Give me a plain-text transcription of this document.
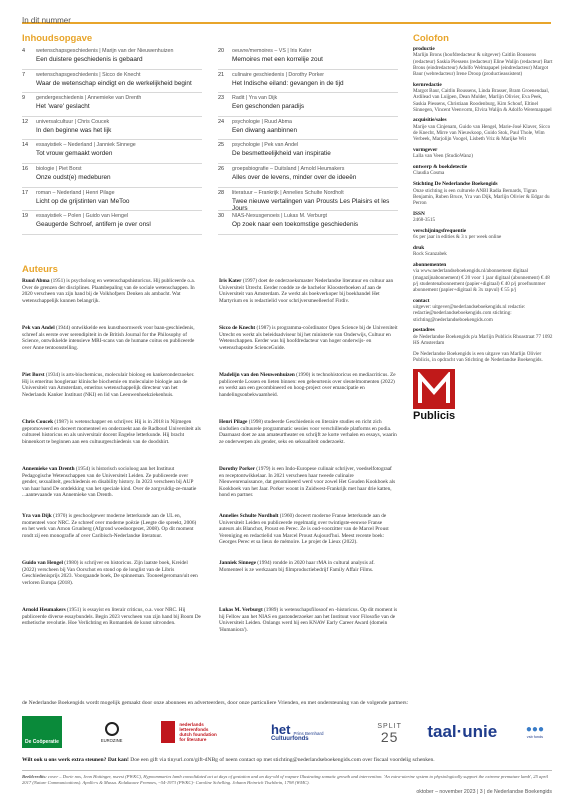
In dit nummer
Inhoudsopgave	Colofon
4 wetenschapsgeschiedenis | Marijn van der Nieuwenhuizen
Een duistere geschiedenis is gebaard
7 wetenschapsgeschiedenis | Sicco de Knecht
Waar de wetenschap eindigt en de werkelijkheid begint
9 gendergeschiedenis | Annemieke van Drenth
Het 'ware' geslacht
12 universalcultuur | Chris Coucek
In den beginne was het lijk
14 essayistiek – Nederland | Janniek Sinnege
Tot vrouw gemaakt worden
16 biologie | Piet Borst
Onze oudst(e) medeburen
17 roman – Nederland | Henri Pilage
Licht op de grijstinten van MeToo
19 essayistiek – Polen | Guido van Hengel
Geaugerde Schroef, antifem je over onsl
20 oeuvre/memoires – VS | Iris Kater
Memoires met een korrelije zout
21 culinaire geschiedenis | Dorothy Porker
Het Indische eiland: gevangen in de tijd
23 Radit | Yra van Dijk
Een geschonden paradijs
24 psychologie | Ruud Abma
Een diwang aanbinnen
25 psychologie | Pek van Andel
De besmetteelijkheid van inspiratie
26 groepsbiografie – Duitsland | Arnold Heumakers
Alles over de levens, minder over de ideeën
28 literatuur – Frankrijk | Annelies Schulte Nordholt
Twee nieuwe vertalingen van Prousts Les Plaisirs et les Jours
30 NIAS-Nexusgenoeis | Lukas M. Verburgt
Op zoek naar een toekomstige geschiedenis
Auteurs
Ruud Abma (1951) is psycholoog en wetenschapshistoricus. Hij publiceerde o.a. Over de grenzen der disciplines. Plaatsbepaling van de sociale wetenschappen. In 2020 verscheen van zijn hand bij de Volkhofpers Denken als ambacht. Wat wetenschappelijk kunnen belangrijk.
Pek van Andel (1944) ontwikkelde een kunsthoornwerk voor baan-geschiedenis, schreef als eerste over serendipiteit in de British Journal for the Philosophy of Science, ontwikkelde intensieve MRI-scans van de humane coitus en publiceerde over Anne tentoonstelling.
Piet Borst (1934) is arts-biochemicus, moleculair bioloog en kankeronderzoeker. Hij is emeritus hoogleraar klinische biochemie en moleculaire biologie aan de Universiteit van Amsterdam, emeritus wetenschappelijk directeur van het Nederlands Kanker Instituut (NKI) en lid van Leeuwenhoekziekenhuis.
Chris Coucek (1987) is wetenschapper en schrijver. Hij is in 2018 in Nijmegen gepromoveerd en doceert momenteel en onderzoekt aan de Radboud Universiteit als cultureel historicus en als universitair docent Engelse letterkunde. Hij bracht binnenkort te beginnen aan een cultuurgeschiedenis van de doodshirt.
Annemieke van Drenth (1954) is historisch socioloog aan het Instituut Pedagogische Wetenschappen van de Universiteit Leiden. Ze publiceerde over gender, sexualiteit, geschiedenis en disability history. In 2023 verscheen bij AUP van haar hand De ontdekking van het speciale kind. Over de zorgvuldig-ze-maatie ...aantevaande van Annemieke van Drenth.
Yra van Dijk (1970) is geschoolgewer moderne letterkunde aan de UL en, momenteel voor NRC. Ze schreef over moderne poëzie (Leegte die spreekt, 2006) en het werk van Arnon Grunberg (Afgrond woedoorgezet, 2008). Op dit moment rondt zij een monografie af over Caribisch-Nederlandse literatuur.
Guido van Hengel (1980) is schrijver en historicus. Zijn laatste boek, Kreidel (2022) verscheen bij Van Oorschot en stond op de longlist van de Libris Geschiedenisprijs 2023. Voorgaande boek, De spinneman. Tooneelgeroman/uit een verloren Europa (2018).
Arnold Heumakers (1951) is essayist en literair criticus, o.a. voor NRC. Hij publiceerde diverse essaybundels. Begin 2023 verscheen van zijn hand bij Boom De esthetische revolutie. Hoe Verlichting en Romantiek de kunst uitvonden.
Iris Kater (1997) doet de onderzoeksmaster Nederlandse literatuur en cultuur aan Universiteit Utrecht. Eerder rondde ze de bachelor Kloosterboeken af aan de Universiteit van Amsterdam. Ze werkt als boekverkoper bij boekhandel Het Martyrium en is redactielid voor schrijversmeelleerlof Firdiv.
Sicco de Knecht (1987) is programma-coördinator Open Science bij de Universiteit Utrecht en werkt als beleidsadviseur bij het ministerie van Onderwijs, Cultuur en Wetenschappen. Eerder was hij hoofdredacteur van hoger onderwijs- en wetenschapssite ScienceGuide.
Madelijn van den Nieuwenhuizen (1990) is technohistoricus en mediacriticus. Ze publiceerde Lossen en lieten binnen: een gebeurtenis over sleutelmomenten (2022) en werkt aan een gecombineerd en hoog-project over emancipatie en handelingsonbekwaamheid.
Henri Pilage (1998) studeerde Geschiedenis en literaire studies en richt zich sindsdien cultuurele programmatic sessies voor verschillende platforms en podia. Daarnaast doet ze aan amateurtheater en schrijft ze korte verhalen en essays, waarin ze onderwerpen als gender, seks en seksualiteit onderzoekt.
Dorothy Porker (1979) is een Indo-Europese culinair schrijver, voedselfotograaf en receptontwikkelaar. In 2021 verscheen haar tweede culinaire Nieuwenrenaissance, dat genomineerd werd voor zowel Het Gouden Kookboek als Kookboek van het Jaar. Porker woont in Zuidwest-Frankrijk met haar drie katten, hond en partner.
Annelies Schulte Nordholt (1960) doceert moderne Franse letterkunde aan de Universiteit Leiden en publiceerde regelmatig over twintigste-eeuwse Franse auteurs als Blanchot, Proust en Perec. Ze is oud-voorzitter van de Marcel Proust Vereniging en redactielid van Marcel Proust Aujourd'hui. Meest recente boek: Georges Perec et sa lieux de mémoire. Le projet de Lieux (2022).
Janniek Sinnege (1994) rondde in 2020 haar rMA in cultural analysis af. Momenteel is ze werkzaam bij filmproductiebedrijf Family Affair Films.
Lukas M. Verburgt (1989) is wetenschapsfilosoof en -historicus. Op dit moment is hij Fellow aan het NIAS en gastonderzoeker aan het Instituut voor Filosofie van de Universiteit Leiden. Onlangs werd hij een KNAW Early Career Award (domein 'Humaniora').
productie
Marlijn Brons (hoofdredacteur & uitgever) Caitlin Boussens (redacteur) Saskia Piessens (redacteur) Eline Walijn (redacteur) Bart Brons (eindredacteur) Adolfo Welmapapel (eindredacteur) Margot Baur (webredacteur) Irene Droop (productieassistent)
kernredactie
Margot Baur, Caitlin Boussens, Linda Brasser, Bram Groenendaal, Ardilead van Luijpen, Dean Mulder, Marlijn Olivier, Eva Peek, Saskia Piessens, Christiaan Roodenburg, Kim Schouf, Eltinel Sinnegen, Vincent Veenvorm, Elvira Walijn & Adolfo Weremapapel
acquisitie/sales
Marije van Cinjenam, Guido van Hengel, Marie-José Klaver, Sicco de Knecht, Mirre van Nieuwkoop, Guido Stok, Paul Thole, Wim Verbeek, Marjolijn Voogel, Lisbeth Vriz & Marijke Wit
vormgever
Lalla van Veen (StudioWanz)
ontwerp & boekdetectie
Claudia Cosma
Stichting De Nederlandse Boekengids
Onze stichting is een culturele ANBI Radia Bernards, Tigran Benjamin, Ruben Bruce, Yra van Dijk, Marlijn Olivier & Edgar du Perron
ISSN
2468-3515
verschijningsfrequentie
6x per jaar in edities & 3 x per week online
druk
Rock Scanzabek
abonnementen
via www.nederlandseboekengids.nl/abonnement digitaal (magazijnabonnement) € 20 voor 1 jaar digitaal (abonnement) € 48 p/j studentenabonnement (papier+digitaal) € 40 p/j proefnummer abonnement (papier+digitaal & 3x rapvul) € 55 p/j
contact
uitgever: uitgever@nederlandseboekengids.nl redactie: redactie@nederlandseboekengids.com stichting: stichting@nederlandseboekengids.com
postadres
de Nederlandse Boekengids p/a Marlijn Publicis Rhoastraat 77 1092 HS Amsterdam
De Nederlandse Boekengids is een uitgave van Marlijn Olivier Publicis, in opdracht van Stichting de Nederlandse Boekengids.
Publicis
de Nederlandse Boekengids wordt mogelijk gemaakt door onze abonnees en adverteerders, door onze particuliere Vrienden, en met ondersteuning van de volgende partners:
De Coöperatie	EUROZINE
nederlands
letterenfonds
dutch foundation
for literature
het Prins Bernhard
Cultuurfonds
SPLIT
25 taal·unie	●●●
vsb fonds
Wilt ook u ons werk extra steunen? Dat kan! Doe een gift via tinyurl.com/gift-dNBg of neem contact op met stichting@nederlandseboekengids.com over fiscaal voordelig schenken.
Beeldcredits: cover – Dorie nos, Jenn Hottinger, nseest (PWKC), Hypoommaries lamb consolidated act at days of gestation and an day-old of rozpure Illustrating somatic growth and intervention. 'An extra-uterine system to physiologically support the extreme premature lamb', 25 april 2017 (Nature Communications). Apollo-s & Mussa. Kolakauwe Fremoes, ~54-1973 (PWKC)- Caroline Schelling. Johann Heinrich Tischbein, 1798 (WMC).
oktober – november 2023 | 3 | de Nederlandse Boekengids
